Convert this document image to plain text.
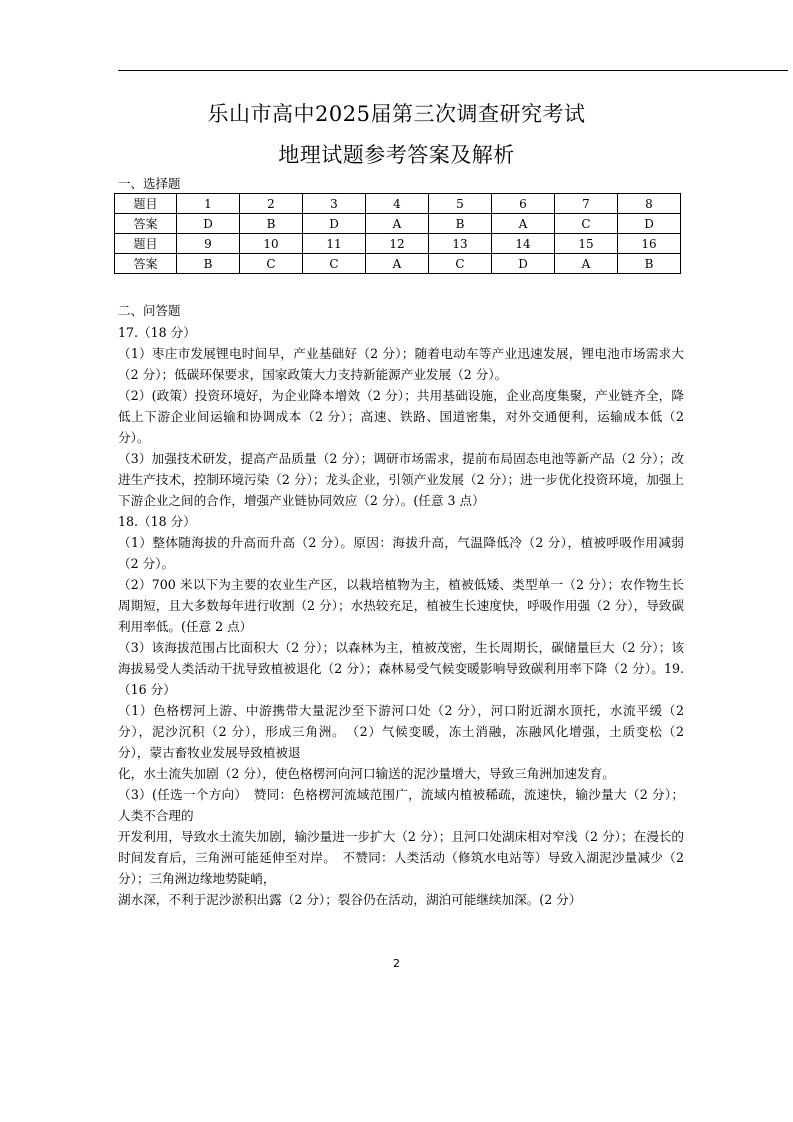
乐山市高中2025届第三次调查研究考试
地理试题参考答案及解析
一、选择题
题目	1	2	3	4	5	6	7	8
答案	D	B	D	A	B	A	C	D
题目	9	10	11	12	13	14	15	16
答案	B	C	C	A	C	D	A	B
二、问答题

17.（18 分）

（1）枣庄市发展锂电时间早，产业基础好（2 分）；随着电动车等产业迅速发展，锂电池市场需求大（2 分）；低碳环保要求，国家政策大力支持新能源产业发展（2 分）。

（2）(政策）投资环境好，为企业降本增效（2 分）；共用基础设施，企业高度集聚，产业链齐全，降低上下游企业间运输和协调成本（2 分）；高速、铁路、国道密集，对外交通便利，运输成本低（2 分）。

（3）加强技术研发，提高产品质量（2 分）；调研市场需求，提前布局固态电池等新产品（2 分）；改进生产技术，控制环境污染（2 分）；龙头企业，引领产业发展（2 分）；进一步优化投资环境，加强上下游企业之间的合作，增强产业链协同效应（2 分）。(任意 3 点）

18.（18 分）

（1）整体随海拔的升高而升高（2 分）。原因：海拔升高，气温降低冷（2 分），植被呼吸作用减弱（2 分）。

（2）700 米以下为主要的农业生产区，以栽培植物为主，植被低矮、类型单一（2 分）；农作物生长周期短，且大多数每年进行收割（2 分）；水热较充足，植被生长速度快，呼吸作用强（2 分），导致碳利用率低。(任意 2 点）

（3）该海拔范围占比面积大（2 分）；以森林为主，植被茂密，生长周期长，碳储量巨大（2 分）；该海拔易受人类活动干扰导致植被退化（2 分）；森林易受气候变暖影响导致碳利用率下降（2 分）。19.（16 分）

（1）色格楞河上游、中游携带大量泥沙至下游河口处（2 分），河口附近湖水顶托，水流平缓（2 分），泥沙沉积（2 分），形成三角洲。　（2）气候变暖，冻土消融，冻融风化增强，土质变松（2 分），蒙古畜牧业发展导致植被退

化，水土流失加剧（2 分），使色格楞河向河口输送的泥沙量增大，导致三角洲加速发育。

（3）(任选一个方向）　赞同：色格楞河流域范围广，流域内植被稀疏，流速快，输沙量大（2 分）；人类不合理的

开发利用，导致水土流失加剧，输沙量进一步扩大（2 分）；且河口处湖床相对窄浅（2 分）；在漫长的时间发育后，三角洲可能延伸至对岸。　不赞同：人类活动（修筑水电站等）导致入湖泥沙量减少（2 分）；三角洲边缘地势陡峭，

湖水深，不利于泥沙淤积出露（2 分）；裂谷仍在活动，湖泊可能继续加深。(2 分）

2
